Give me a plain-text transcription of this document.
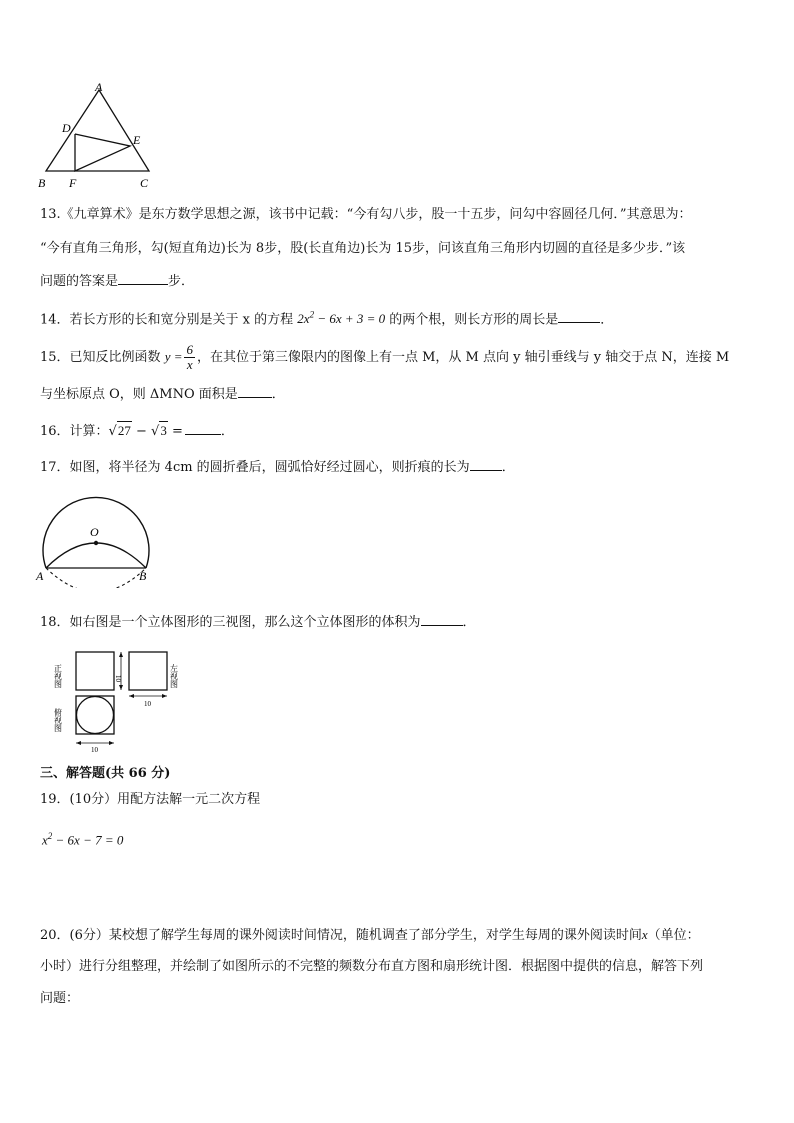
A
D
E
B F	C
13.《九章算术》是东方数学思想之源，该书中记载：“今有勾八步，股一十五步，问勾中容圆径几何．”其意思为：
“今有直角三角形，勾(短直角边)长为 8步，股(长直角边)长为 15步，问该直角三角形内切圆的直径是多少步．”该
问题的答案是	步．
14．若长方形的长和宽分别是关于 x 的方程 $2x^2 - 6x + 3 = 0$ 的两个根，则长方形的周长是	．
15．已知反比例函数 $y = \frac{6}{x}$ ，在其位于第三像限内的图像上有一点 M，从 M 点向 y 轴引垂线与 y 轴交于点 N，连接 M
与坐标原点 O，则 ΔMNO 面积是	．
16．计算：√27 − √3 =	．
17．如图，将半径为 4cm 的圆折叠后，圆弧恰好经过圆心，则折痕的长为 ．
O
A	B
18．如右图是一个立体图形的三视图，那么这个立体图形的体积为	．
正视图	10	左视图
10
俯视图
10
三、解答题(共 66 分)
19．(10分）用配方法解一元二次方程
$x^2 - 6x - 7 = 0$
20．(6分）某校想了解学生每周的课外阅读时间情况，随机调查了部分学生，对学生每周的课外阅读时间x（单位：
小时）进行分组整理，并绘制了如图所示的不完整的频数分布直方图和扇形统计图．根据图中提供的信息，解答下列
问题：
